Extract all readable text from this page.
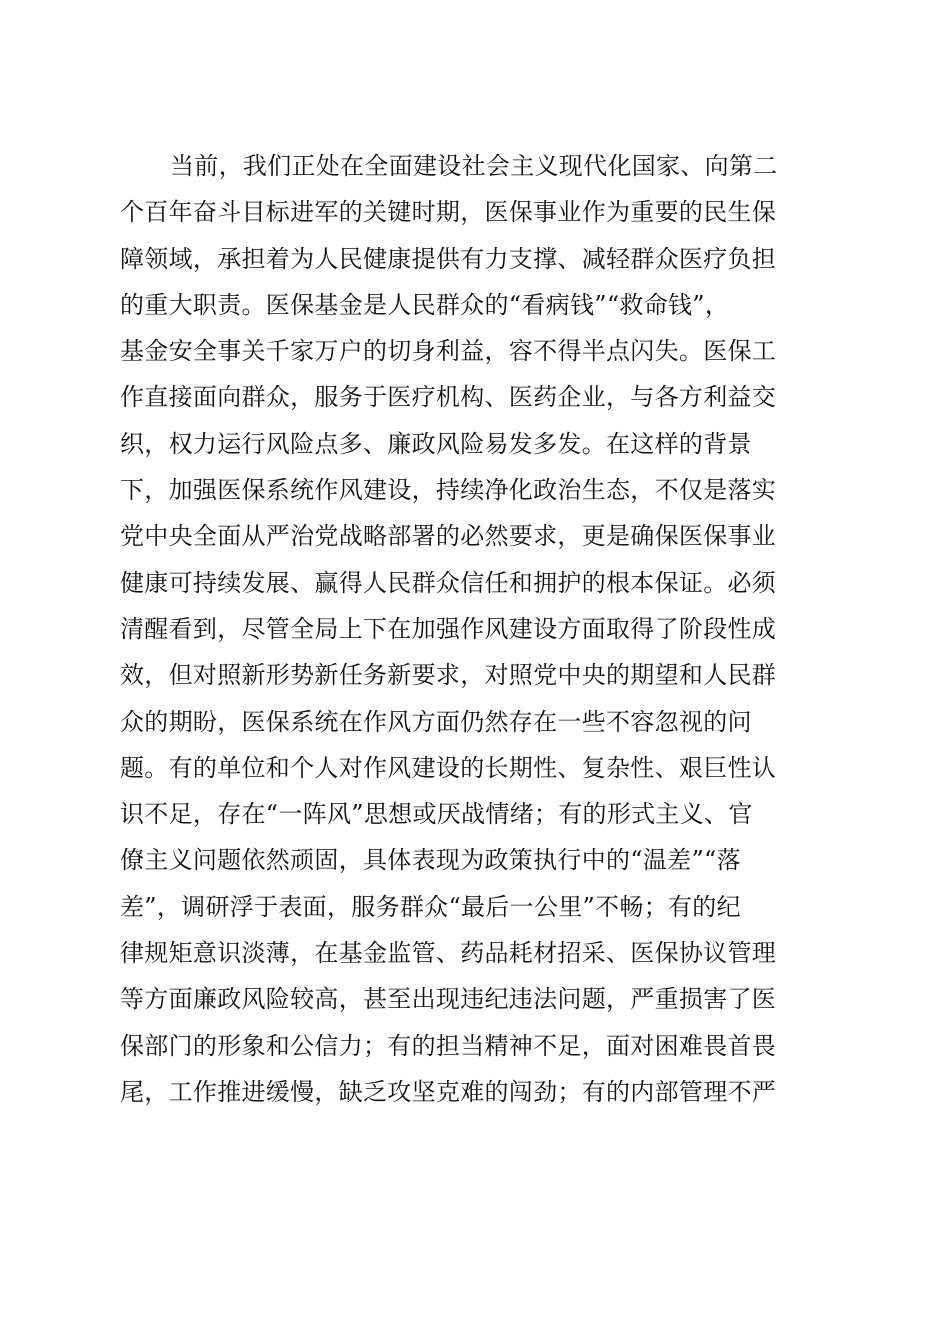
当前，我们正处在全面建设社会主义现代化国家、向第二
个百年奋斗目标进军的关键时期，医保事业作为重要的民生保
障领域，承担着为人民健康提供有力支撑、减轻群众医疗负担
的重大职责。医保基金是人民群众的“看病钱”“救命钱”，
基金安全事关千家万户的切身利益，容不得半点闪失。医保工
作直接面向群众，服务于医疗机构、医药企业，与各方利益交
织，权力运行风险点多、廉政风险易发多发。在这样的背景
下，加强医保系统作风建设，持续净化政治生态，不仅是落实
党中央全面从严治党战略部署的必然要求，更是确保医保事业
健康可持续发展、赢得人民群众信任和拥护的根本保证。必须
清醒看到，尽管全局上下在加强作风建设方面取得了阶段性成
效，但对照新形势新任务新要求，对照党中央的期望和人民群
众的期盼，医保系统在作风方面仍然存在一些不容忽视的问
题。有的单位和个人对作风建设的长期性、复杂性、艰巨性认
识不足，存在“一阵风”思想或厌战情绪；有的形式主义、官
僚主义问题依然顽固，具体表现为政策执行中的“温差”“落
差”，调研浮于表面，服务群众“最后一公里”不畅；有的纪
律规矩意识淡薄，在基金监管、药品耗材招采、医保协议管理
等方面廉政风险较高，甚至出现违纪违法问题，严重损害了医
保部门的形象和公信力；有的担当精神不足，面对困难畏首畏
尾，工作推进缓慢，缺乏攻坚克难的闯劲；有的内部管理不严
